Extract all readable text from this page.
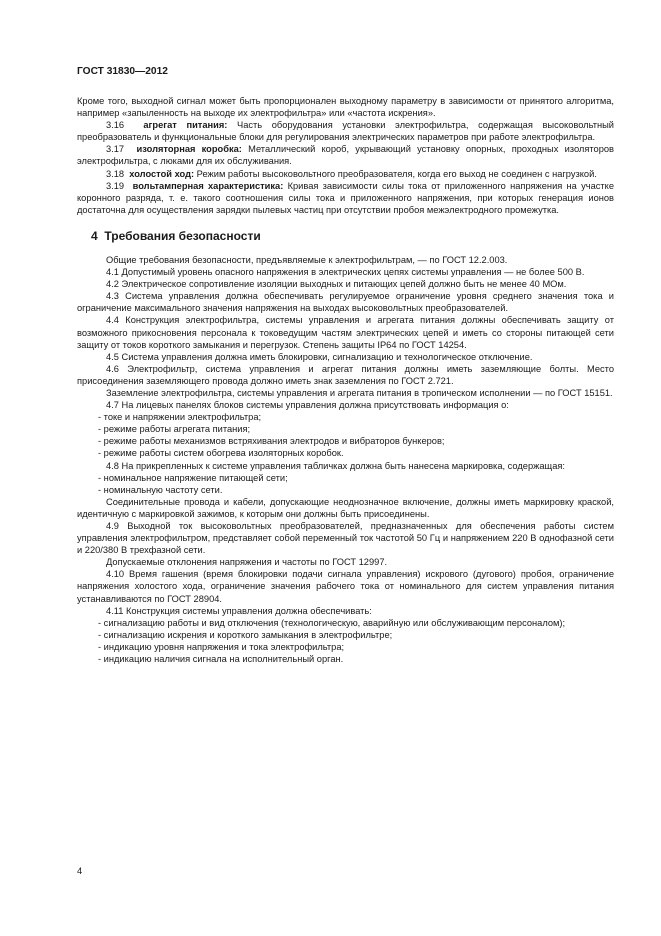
ГОСТ 31830—2012

Кроме того, выходной сигнал может быть пропорционален выходному параметру в зависимости от принятого алгоритма, например «запыленность на выходе их электрофильтра» или «частота искрения».

3.16 агрегат питания: Часть оборудования установки электрофильтра, содержащая высоковольтный преобразователь и функциональные блоки для регулирования электрических параметров при работе электрофильтра.

3.17 изоляторная коробка: Металлический короб, укрывающий установку опорных, проходных изоляторов электрофильтра, с люками для их обслуживания.

3.18 холостой ход: Режим работы высоковольтного преобразователя, когда его выход не соединен с нагрузкой.

3.19 вольтамперная характеристика: Кривая зависимости силы тока от приложенного напряжения на участке коронного разряда, т. е. такого соотношения силы тока и приложенного напряжения, при которых генерация ионов достаточна для осуществления зарядки пылевых частиц при отсутствии пробоя межэлектродного промежутка.

4 Требования безопасности

Общие требования безопасности, предъявляемые к электрофильтрам, — по ГОСТ 12.2.003.

4.1 Допустимый уровень опасного напряжения в электрических цепях системы управления — не более 500 В.

4.2 Электрическое сопротивление изоляции выходных и питающих цепей должно быть не менее 40 МОм.

4.3 Система управления должна обеспечивать регулируемое ограничение уровня среднего значения тока и ограничение максимального значения напряжения на выходах высоковольтных преобразователей.

4.4 Конструкция электрофильтра, системы управления и агрегата питания должны обеспечивать защиту от возможного прикосновения персонала к токоведущим частям электрических цепей и иметь со стороны питающей сети защиту от токов короткого замыкания и перегрузок. Степень защиты IP64 по ГОСТ 14254.

4.5 Система управления должна иметь блокировки, сигнализацию и технологическое отключение.

4.6 Электрофильтр, система управления и агрегат питания должны иметь заземляющие болты. Место присоединения заземляющего провода должно иметь знак заземления по ГОСТ 2.721.

Заземление электрофильтра, системы управления и агрегата питания в тропическом исполнении — по ГОСТ 15151.

4.7 На лицевых панелях блоков системы управления должна присутствовать информация о:

- токе и напряжении электрофильтра;

- режиме работы агрегата питания;

- режиме работы механизмов встряхивания электродов и вибраторов бункеров;

- режиме работы систем обогрева изоляторных коробок.

4.8 На прикрепленных к системе управления табличках должна быть нанесена маркировка, содержащая:

- номинальное напряжение питающей сети;

- номинальную частоту сети.

Соединительные провода и кабели, допускающие неоднозначное включение, должны иметь маркировку краской, идентичную с маркировкой зажимов, к которым они должны быть присоединены.

4.9 Выходной ток высоковольтных преобразователей, предназначенных для обеспечения работы систем управления электрофильтром, представляет собой переменный ток частотой 50 Гц и напряжением 220 В однофазной сети и 220/380 В трехфазной сети.

Допускаемые отклонения напряжения и частоты по ГОСТ 12997.

4.10 Время гашения (время блокировки подачи сигнала управления) искрового (дугового) пробоя, ограничение напряжения холостого хода, ограничение значения рабочего тока от номинального для систем управления питания устанавливаются по ГОСТ 28904.

4.11 Конструкция системы управления должна обеспечивать:

- сигнализацию работы и вид отключения (технологическую, аварийную или обслуживающим персоналом);

- сигнализацию искрения и короткого замыкания в электрофильтре;

- индикацию уровня напряжения и тока электрофильтра;

- индикацию наличия сигнала на исполнительный орган.

4
